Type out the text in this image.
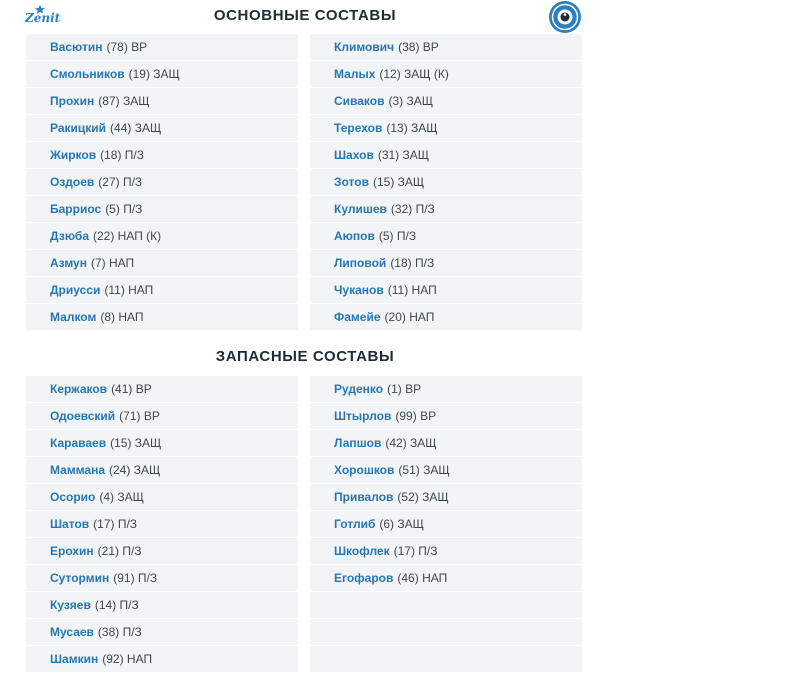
Zenit	ОСНОВНЫЕ СОСТАВЫ
Васютин (78) ВР
Смольников (19) ЗАЩ
Прохин (87) ЗАЩ
Ракицкий (44) ЗАЩ
Жирков (18) П/З
Оздоев (27) П/З
Барриос (5) П/З
Дзюба (22) НАП (К)
Азмун (7) НАП
Дриусси (11) НАП
Малком (8) НАП
Климович (38) ВР
Малых (12) ЗАЩ (К)
Сиваков (3) ЗАЩ
Терехов (13) ЗАЩ
Шахов (31) ЗАЩ
Зотов (15) ЗАЩ
Кулишев (32) П/З
Аюпов (5) П/З
Липовой (18) П/З
Чуканов (11) НАП
Фамейе (20) НАП
ЗАПАСНЫЕ СОСТАВЫ
Кержаков (41) ВР
Одоевский (71) ВР
Караваев (15) ЗАЩ
Маммана (24) ЗАЩ
Осорио (4) ЗАЩ
Шатов (17) П/З
Ерохин (21) П/З
Сутормин (91) П/З
Кузяев (14) П/З
Мусаев (38) П/З
Шамкин (92) НАП
Руденко (1) ВР
Штырлов (99) ВР
Лапшов (42) ЗАЩ
Хорошков (51) ЗАЩ
Привалов (52) ЗАЩ
Готлиб (6) ЗАЩ
Шкофлек (17) П/З
Егофаров (46) НАП
